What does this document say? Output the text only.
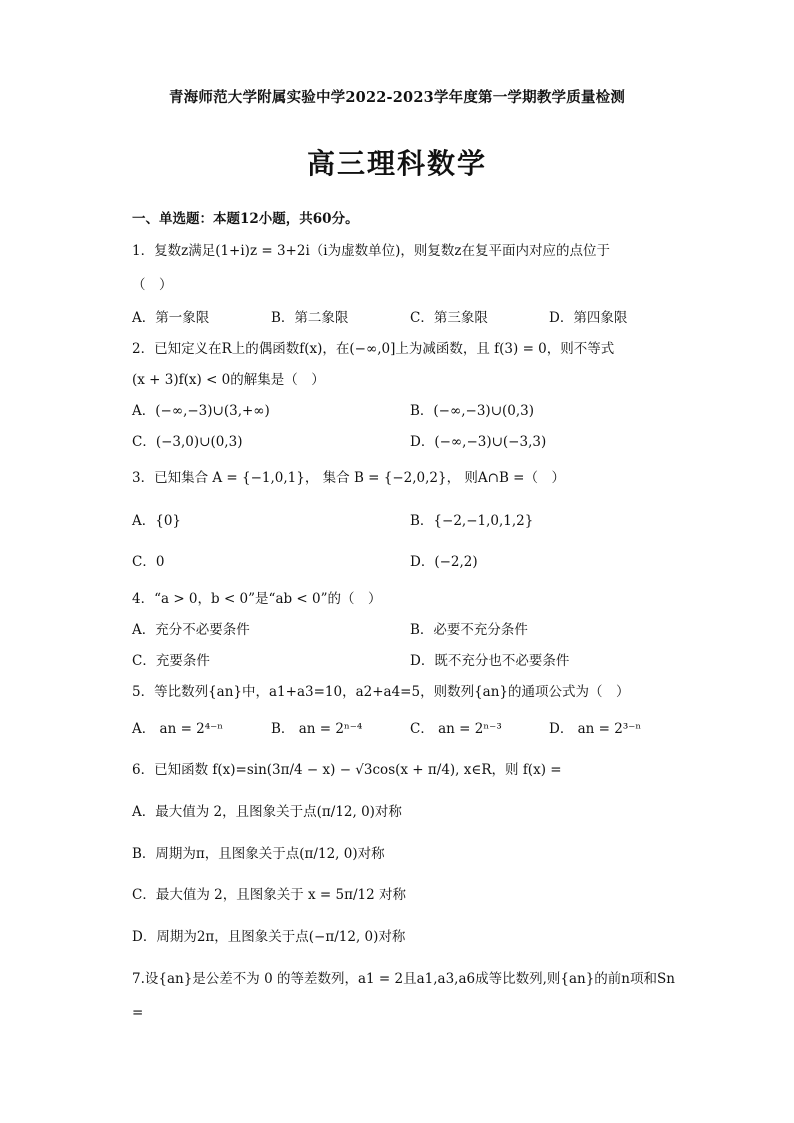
青海师范大学附属实验中学2022-2023学年度第一学期教学质量检测
高三理科数学
一、单选题：本题12小题，共60分。
1．复数z满足(1+i)z = 3+2i（i为虚数单位)，则复数z在复平面内对应的点位于
（　）
A．第一象限	B．第二象限	C．第三象限	D．第四象限
2．已知定义在R上的偶函数f(x)，在(−∞,0]上为减函数，且 f(3) = 0，则不等式
(x + 3)f(x) < 0的解集是（　）
A．(−∞,−3)∪(3,+∞)	B．(−∞,−3)∪(0,3)
C．(−3,0)∪(0,3)	D．(−∞,−3)∪(−3,3)
3．已知集合 A = {−1,0,1}， 集合 B = {−2,0,2}， 则A∩B =（　）
A．{0}	B．{−2,−1,0,1,2}
C．0	D．(−2,2)
4．“a > 0，b < 0”是“ab < 0”的（　）
A．充分不必要条件	B．必要不充分条件
C．充要条件	D．既不充分也不必要条件
5．等比数列{an}中，a1+a3=10，a2+a4=5，则数列{an}的通项公式为（　）
A． an = 2⁴⁻ⁿ	B． an = 2ⁿ⁻⁴	C． an = 2ⁿ⁻³	D． an = 2³⁻ⁿ
6．已知函数 f(x)=sin(3π/4 − x) − √3cos(x + π/4), x∈R，则 f(x) =
A．最大值为 2，且图象关于点(π/12, 0)对称
B．周期为π，且图象关于点(π/12, 0)对称
C．最大值为 2，且图象关于 x = 5π/12 对称
D．周期为2π，且图象关于点(−π/12, 0)对称
7.设{an}是公差不为 0 的等差数列，a1 = 2且a1,a3,a6成等比数列,则{an}的前n项和Sn
=
